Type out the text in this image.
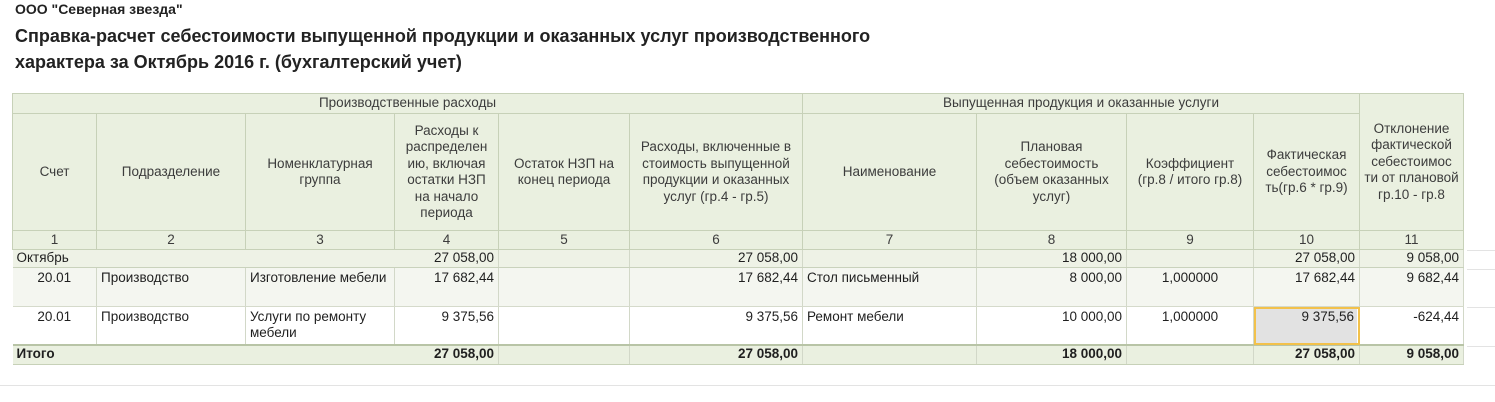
ООО "Северная звезда"
Справка-расчет себестоимости выпущенной продукции и оказанных услуг производственного
характера за Октябрь 2016 г. (бухгалтерский учет)
Производственные расходы						Выпущенная продукция и оказанные услуги				Отклонение фактической себестоимос ти от плановой гр.10 - гр.8
Счет	Подразделение	Номенклатурная группа	Расходы к распределен ию, включая остатки НЗП на начало периода	Остаток НЗП на конец периода	Расходы, включенные в стоимость выпущенной продукции и оказанных услуг (гр.4 - гр.5)	Наименование	Плановая себестоимость (объем оказанных услуг)	Коэффициент (гр.8 / итого гр.8)	Фактическая себестоимос ть(гр.6 * гр.9)	
1	2	3	4	5	6	7	8	9	10	11
Октябрь			27 058,00		27 058,00		18 000,00		27 058,00	9 058,00
20.01	Производство	Изготовление мебели	17 682,44		17 682,44	Стол письменный	8 000,00	1,000000	17 682,44	9 682,44
20.01	Производство	Услуги по ремонту мебели	9 375,56		9 375,56	Ремонт мебели	10 000,00	1,000000	9 375,56	-624,44
Итого			27 058,00		27 058,00		18 000,00		27 058,00	9 058,00
